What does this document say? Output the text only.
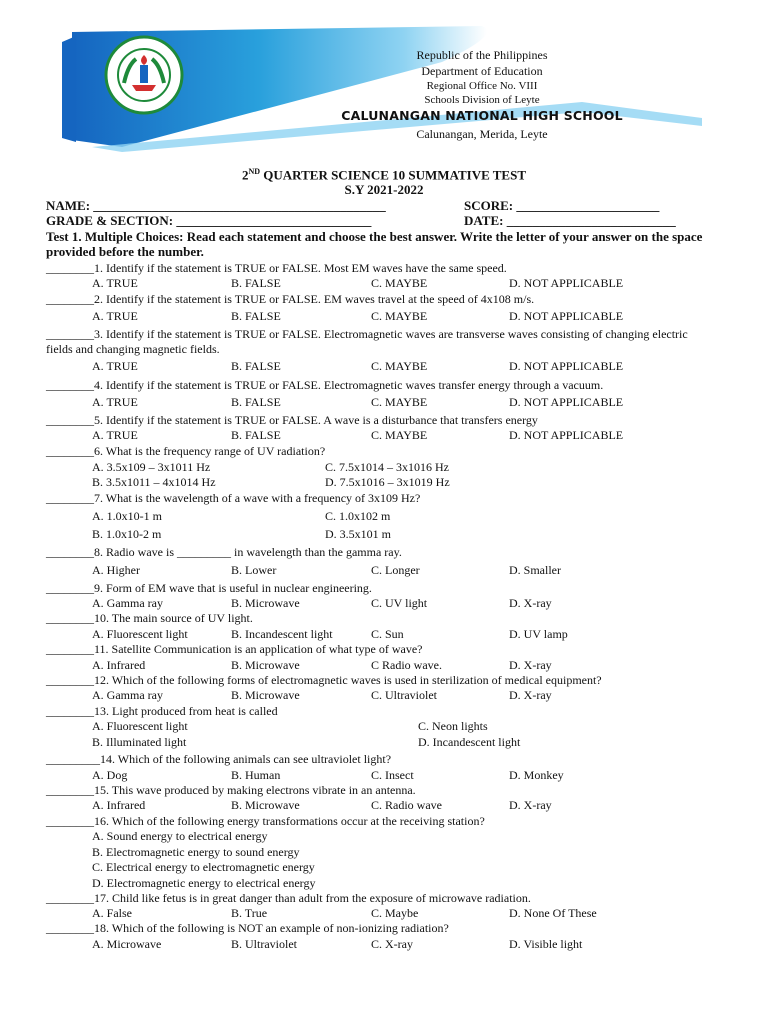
Republic of the Philippines
Department of Education
Regional Office No. VIII
Schools Division of Leyte
CALUNANGAN NATIONAL HIGH SCHOOL
Calunangan, Merida, Leyte
2ND QUARTER SCIENCE 10 SUMMATIVE TEST
S.Y 2021-2022
NAME: _____________________________________________	SCORE: ______________________
GRADE & SECTION: ______________________________	DATE: __________________________
Test 1. Multiple Choices: Read each statement and choose the best answer. Write the letter of your answer on the space provided before the number.
________1. Identify if the statement is TRUE or FALSE. Most EM waves have the same speed.
A. TRUE	B. FALSE	C. MAYBE	D. NOT APPLICABLE
________2. Identify if the statement is TRUE or FALSE. EM waves travel at the speed of 4x108 m/s.
A. TRUE	B. FALSE	C. MAYBE	D. NOT APPLICABLE
________3. Identify if the statement is TRUE or FALSE. Electromagnetic waves are transverse waves consisting of changing electric fields and changing magnetic fields.
A. TRUE	B. FALSE	C. MAYBE	D. NOT APPLICABLE
________4. Identify if the statement is TRUE or FALSE. Electromagnetic waves transfer energy through a vacuum.
A. TRUE	B. FALSE	C. MAYBE	D. NOT APPLICABLE
________5. Identify if the statement is TRUE or FALSE. A wave is a disturbance that transfers energy
A. TRUE	B. FALSE	C. MAYBE	D. NOT APPLICABLE
________6. What is the frequency range of UV radiation?
A. 3.5x109 – 3x1011 Hz	C. 7.5x1014 – 3x1016 Hz
B. 3.5x1011 – 4x1014 Hz	D. 7.5x1016 – 3x1019 Hz
________7. What is the wavelength of a wave with a frequency of 3x109 Hz?
A. 1.0x10-1 m	C. 1.0x102 m
B. 1.0x10-2 m	D. 3.5x101 m
________8. Radio wave is _________ in wavelength than the gamma ray.
A. Higher	B. Lower	C. Longer	D. Smaller
________9. Form of EM wave that is useful in nuclear engineering.
A. Gamma ray	B. Microwave	C. UV light	D. X-ray
________10. The main source of UV light.
A. Fluorescent light	B. Incandescent light	C. Sun	D. UV lamp
________11. Satellite Communication is an application of what type of wave?
A. Infrared	B. Microwave	C Radio wave.	D. X-ray
________12. Which of the following forms of electromagnetic waves is used in sterilization of medical equipment?
A. Gamma ray	B. Microwave	C. Ultraviolet	D. X-ray
________13. Light produced from heat is called
A. Fluorescent light	C. Neon lights
B. Illuminated light	D. Incandescent light
_________14. Which of the following animals can see ultraviolet light?
A. Dog	B. Human	C. Insect	D. Monkey
________15. This wave produced by making electrons vibrate in an antenna.
A. Infrared	B. Microwave	C. Radio wave	D. X-ray
________16. Which of the following energy transformations occur at the receiving station?
A. Sound energy to electrical energy
B. Electromagnetic energy to sound energy
C. Electrical energy to electromagnetic energy
D. Electromagnetic energy to electrical energy
________17. Child like fetus is in great danger than adult from the exposure of microwave radiation.
A. False	B. True	C. Maybe	D. None Of These
________18. Which of the following is NOT an example of non-ionizing radiation?
A. Microwave	B. Ultraviolet	C. X-ray	D. Visible light
